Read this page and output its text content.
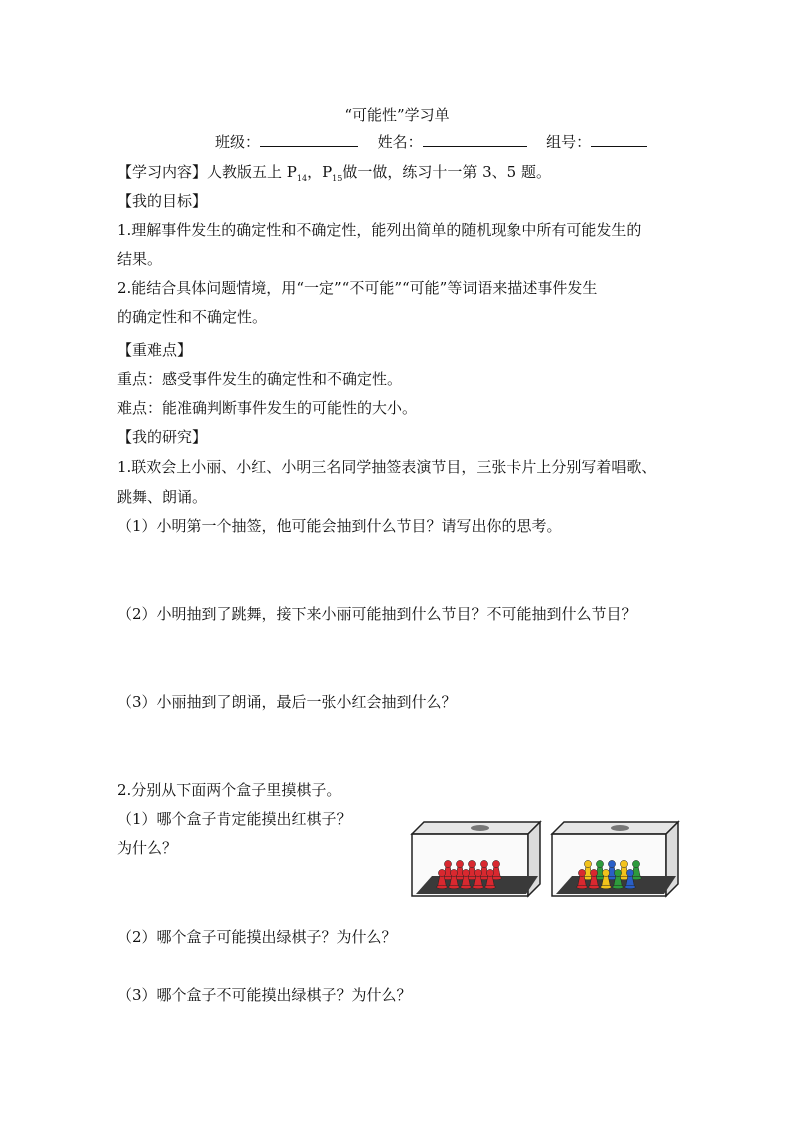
“可能性”学习单
班级：	姓名：	组号：
【学习内容】人教版五上 $P_{14}$，$P_{15}$做一做，练习十一第 3、5 题。
【我的目标】
1.理解事件发生的确定性和不确定性，能列出简单的随机现象中所有可能发生的
结果。
2.能结合具体问题情境，用“一定”“不可能”“可能”等词语来描述事件发生
的确定性和不确定性。
【重难点】
重点：感受事件发生的确定性和不确定性。
难点：能准确判断事件发生的可能性的大小。
【我的研究】
1.联欢会上小丽、小红、小明三名同学抽签表演节目，三张卡片上分别写着唱歌、
跳舞、朗诵。
（1）小明第一个抽签，他可能会抽到什么节目？请写出你的思考。
（2）小明抽到了跳舞，接下来小丽可能抽到什么节目？不可能抽到什么节目？
（3）小丽抽到了朗诵，最后一张小红会抽到什么？
2.分别从下面两个盒子里摸棋子。
（1）哪个盒子肯定能摸出红棋子？
为什么？
（2）哪个盒子可能摸出绿棋子？为什么？
（3）哪个盒子不可能摸出绿棋子？为什么？
